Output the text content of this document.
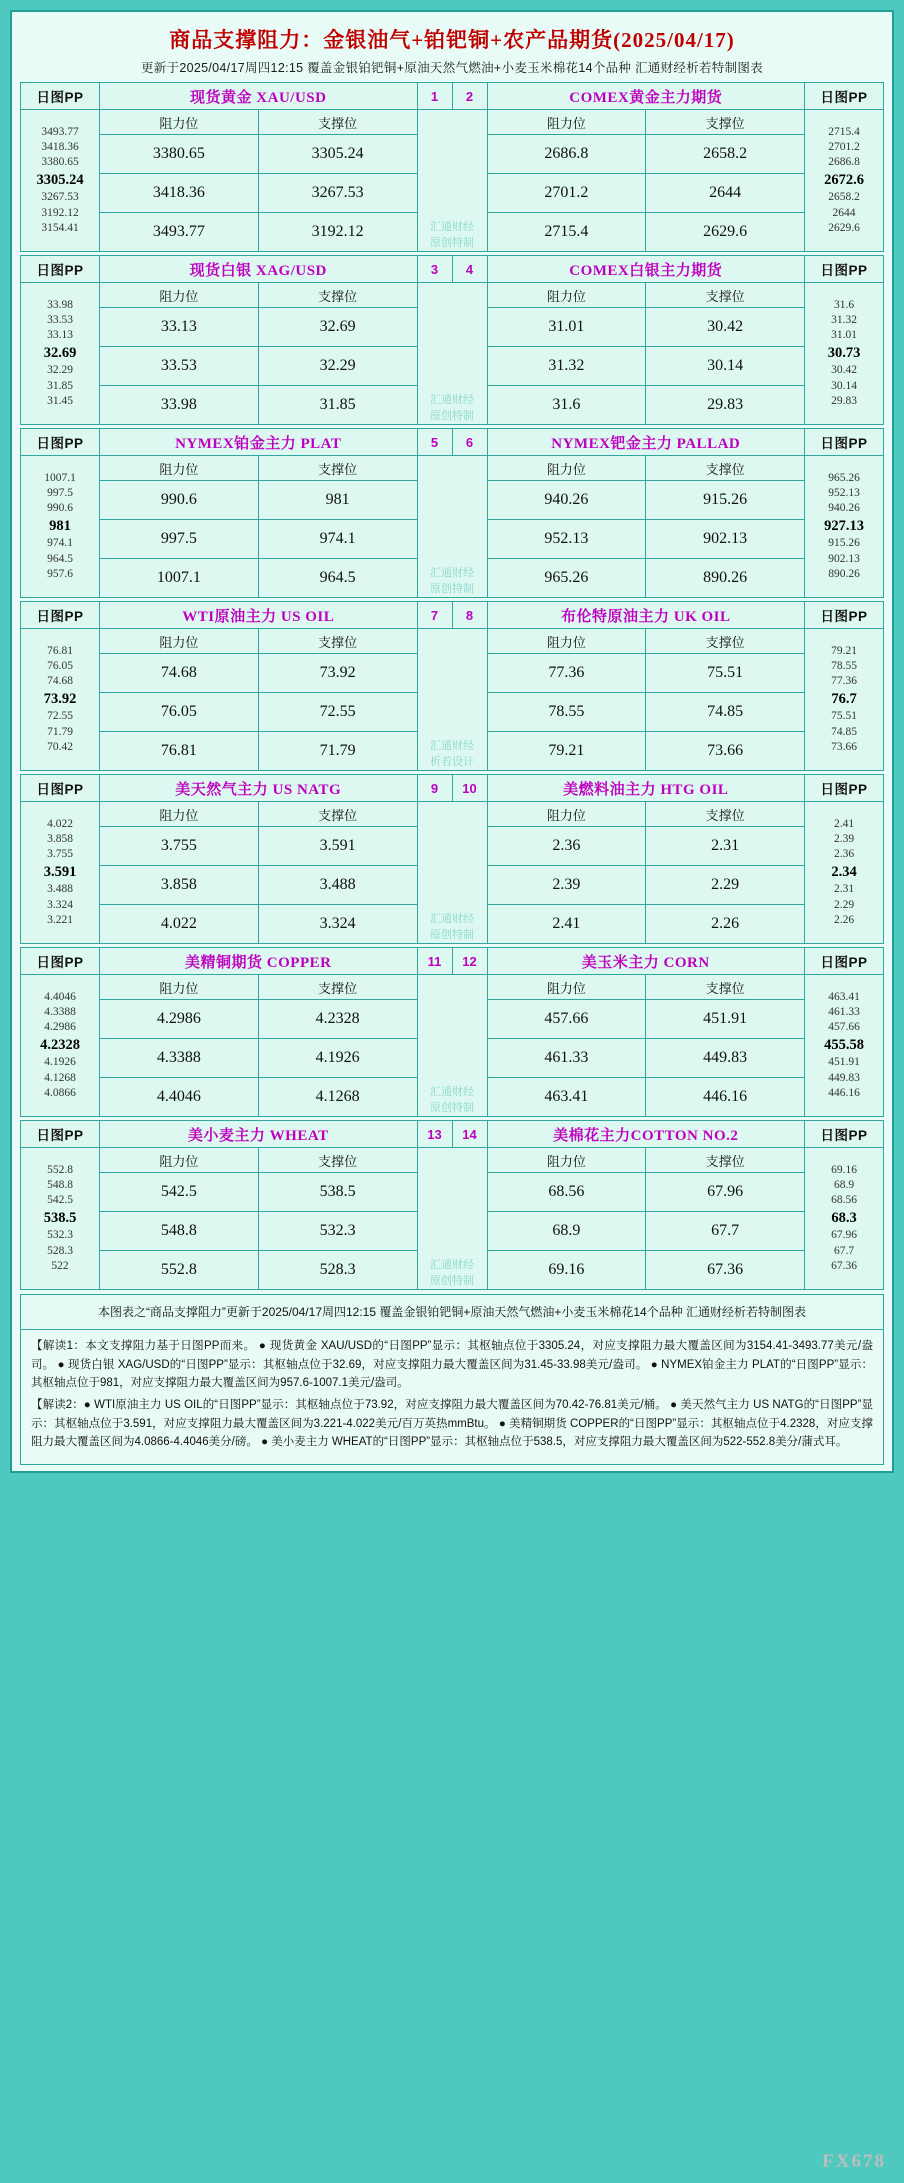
商品支撑阻力：金银油气+铂钯铜+农产品期货(2025/04/17)
更新于2025/04/17周四12:15 覆盖金银铂钯铜+原油天然气燃油+小麦玉米棉花14个品种 汇通财经析若特制图表
日图PP	现货黄金 XAU/USD		1	2	COMEX黄金主力期货		日图PP

3493.77
3418.36
3380.65
3305.24
3267.53
3192.12
3154.41
	阻力位	支撑位	
汇通财经
原创特制
	阻力位	支撑位	
2715.4
2701.2
2686.8
2672.6
2658.2
2644
2629.6

	3380.65	3305.24			2686.8	2658.2	
	3418.36	3267.53			2701.2	2644	
	3493.77	3192.12			2715.4	2629.6	
日图PP	现货白银 XAG/USD		3	4	COMEX白银主力期货		日图PP

33.98
33.53
33.13
32.69
32.29
31.85
31.45
	阻力位	支撑位	
汇通财经
原创特制
	阻力位	支撑位	
31.6
31.32
31.01
30.73
30.42
30.14
29.83

	33.13	32.69			31.01	30.42	
	33.53	32.29			31.32	30.14	
	33.98	31.85			31.6	29.83	
日图PP	NYMEX铂金主力 PLAT		5	6	NYMEX钯金主力 PALLAD		日图PP

1007.1
997.5
990.6
981
974.1
964.5
957.6
	阻力位	支撑位	
汇通财经
原创特制
	阻力位	支撑位	
965.26
952.13
940.26
927.13
915.26
902.13
890.26

	990.6	981			940.26	915.26	
	997.5	974.1			952.13	902.13	
	1007.1	964.5			965.26	890.26	
日图PP	WTI原油主力 US OIL		7	8	布伦特原油主力 UK OIL		日图PP

76.81
76.05
74.68
73.92
72.55
71.79
70.42
	阻力位	支撑位	
汇通财经
析若设计
	阻力位	支撑位	
79.21
78.55
77.36
76.7
75.51
74.85
73.66

	74.68	73.92			77.36	75.51	
	76.05	72.55			78.55	74.85	
	76.81	71.79			79.21	73.66	
日图PP	美天然气主力 US NATG		9	10	美燃料油主力 HTG OIL		日图PP

4.022
3.858
3.755
3.591
3.488
3.324
3.221
	阻力位	支撑位	
汇通财经
原创特制
	阻力位	支撑位	
2.41
2.39
2.36
2.34
2.31
2.29
2.26

	3.755	3.591			2.36	2.31	
	3.858	3.488			2.39	2.29	
	4.022	3.324			2.41	2.26	
日图PP	美精铜期货 COPPER		11	12	美玉米主力 CORN		日图PP

4.4046
4.3388
4.2986
4.2328
4.1926
4.1268
4.0866
	阻力位	支撑位	
汇通财经
原创特制
	阻力位	支撑位	
463.41
461.33
457.66
455.58
451.91
449.83
446.16

	4.2986	4.2328			457.66	451.91	
	4.3388	4.1926			461.33	449.83	
	4.4046	4.1268			463.41	446.16	
日图PP	美小麦主力 WHEAT		13	14	美棉花主力COTTON NO.2		日图PP

552.8
548.8
542.5
538.5
532.3
528.3
522
	阻力位	支撑位	
汇通财经
原创特制
	阻力位	支撑位	
69.16
68.9
68.56
68.3
67.96
67.7
67.36

	542.5	538.5			68.56	67.96	
	548.8	532.3			68.9	67.7	
	552.8	528.3			69.16	67.36	
本图表之“商品支撑阻力”更新于2025/04/17周四12:15 覆盖金银铂钯铜+原油天然气燃油+小麦玉米棉花14个品种 汇通财经析若特制图表

【解读1：本文支撑阻力基于日图PP而来。 ● 现货黄金 XAU/USD的“日图PP”显示：其枢轴点位于3305.24，对应支撑阻力最大覆盖区间为3154.41-3493.77美元/盎司。 ● 现货白银 XAG/USD的“日图PP”显示：其枢轴点位于32.69，对应支撑阻力最大覆盖区间为31.45-33.98美元/盎司。 ● NYMEX铂金主力 PLAT的“日图PP”显示：其枢轴点位于981，对应支撑阻力最大覆盖区间为957.6-1007.1美元/盎司。

【解读2：● WTI原油主力 US OIL的“日图PP”显示：其枢轴点位于73.92，对应支撑阻力最大覆盖区间为70.42-76.81美元/桶。 ● 美天然气主力 US NATG的“日图PP”显示：其枢轴点位于3.591，对应支撑阻力最大覆盖区间为3.221-4.022美元/百万英热mmBtu。 ● 美精铜期货 COPPER的“日图PP”显示：其枢轴点位于4.2328，对应支撑阻力最大覆盖区间为4.0866-4.4046美分/磅。 ● 美小麦主力 WHEAT的“日图PP”显示：其枢轴点位于538.5，对应支撑阻力最大覆盖区间为522-552.8美分/蒲式耳。

FX678
